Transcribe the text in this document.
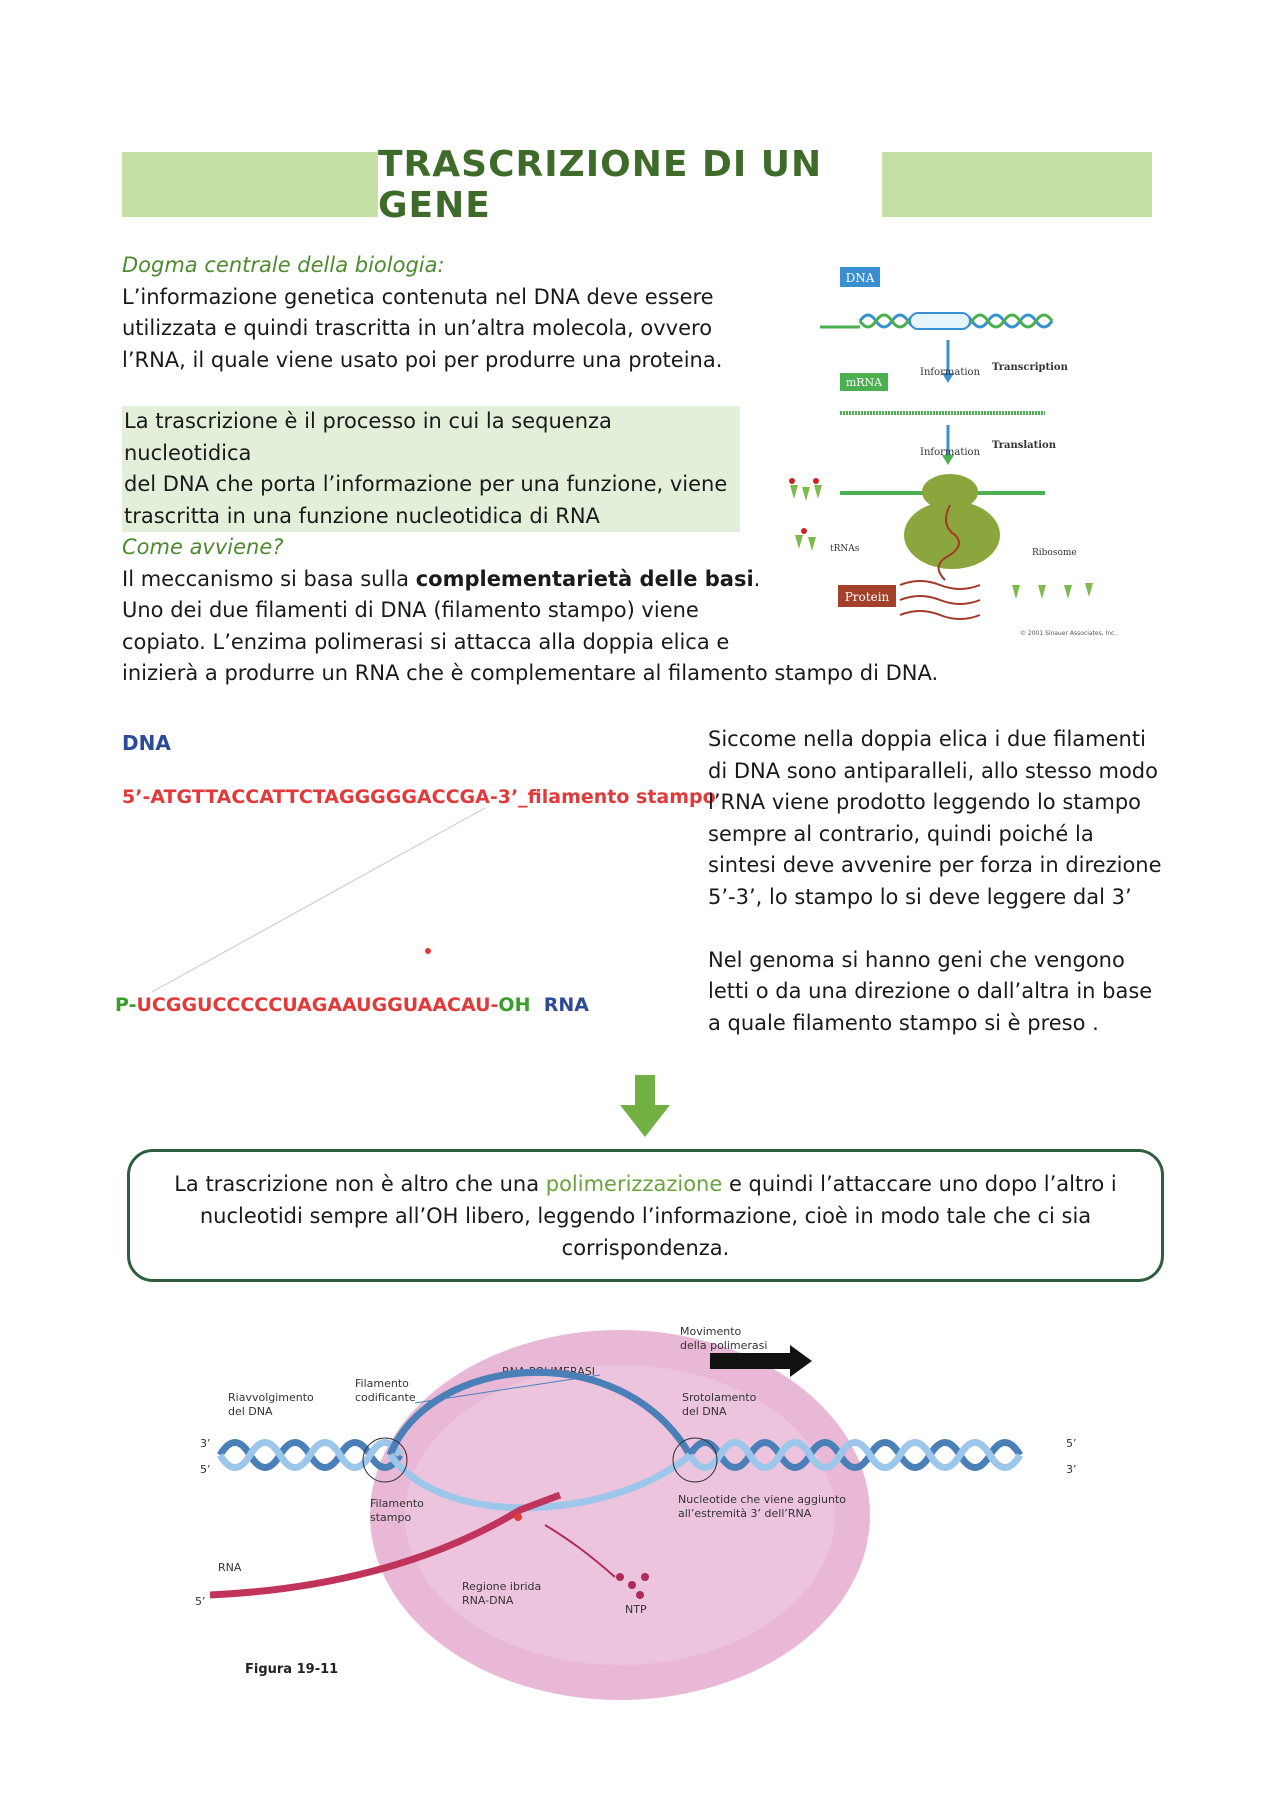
TRASCRIZIONE DI UN GENE
Dogma centrale della biologia:
L’informazione genetica contenuta nel DNA deve essere
utilizzata e quindi trascritta in un’altra molecola, ovvero
l’RNA, il quale viene usato poi per produrre una proteina.
La trascrizione è il processo in cui la sequenza nucleotidica
del DNA che porta l’informazione per una funzione, viene
trascritta in una funzione nucleotidica di RNA
Come avviene?
Il meccanismo si basa sulla complementarietà delle basi.
Uno dei due filamenti di DNA (filamento stampo) viene
copiato. L’enzima polimerasi si attacca alla doppia elica e
inizierà a produrre un RNA che è complementare al filamento stampo di DNA.
DNA
Information Transcription
mRNA
Information
Translation
tRNAs	Ribosome
Protein
© 2001 Sinauer Associates, Inc.
DNA
5’-ATGTTACCATTCTAGGGGGACCGA-3’_filamento stampo
P-UCGGUCCCCCUAGAAUGGUAACAU-OH RNA
Siccome nella doppia elica i due filamenti
di DNA sono antiparalleli, allo stesso modo
l’RNA viene prodotto leggendo lo stampo
sempre al contrario, quindi poiché la
sintesi deve avvenire per forza in direzione
5’-3’, lo stampo lo si deve leggere dal 3’
Nel genoma si hanno geni che vengono
letti o da una direzione o dall’altra in base
a quale filamento stampo si è preso .
La trascrizione non è altro che una polimerizzazione e quindi l’attaccare uno dopo l’altro i nucleotidi sempre all’OH libero, leggendo l’informazione, cioè in modo tale che ci sia corrispondenza.
Movimento
della polimerasi
RNA POLIMERASI
Riavvolgimento
del DNA
Filamento
codificante	Srotolamento
del DNA
Filamento
stampo
Nucleotide che viene aggiunto
all’estremità 3’ dell’RNA
RNA
NTP
Regione ibrida
RNA-DNA
3’
5’
5’
3’
5’
Figura 19-11
